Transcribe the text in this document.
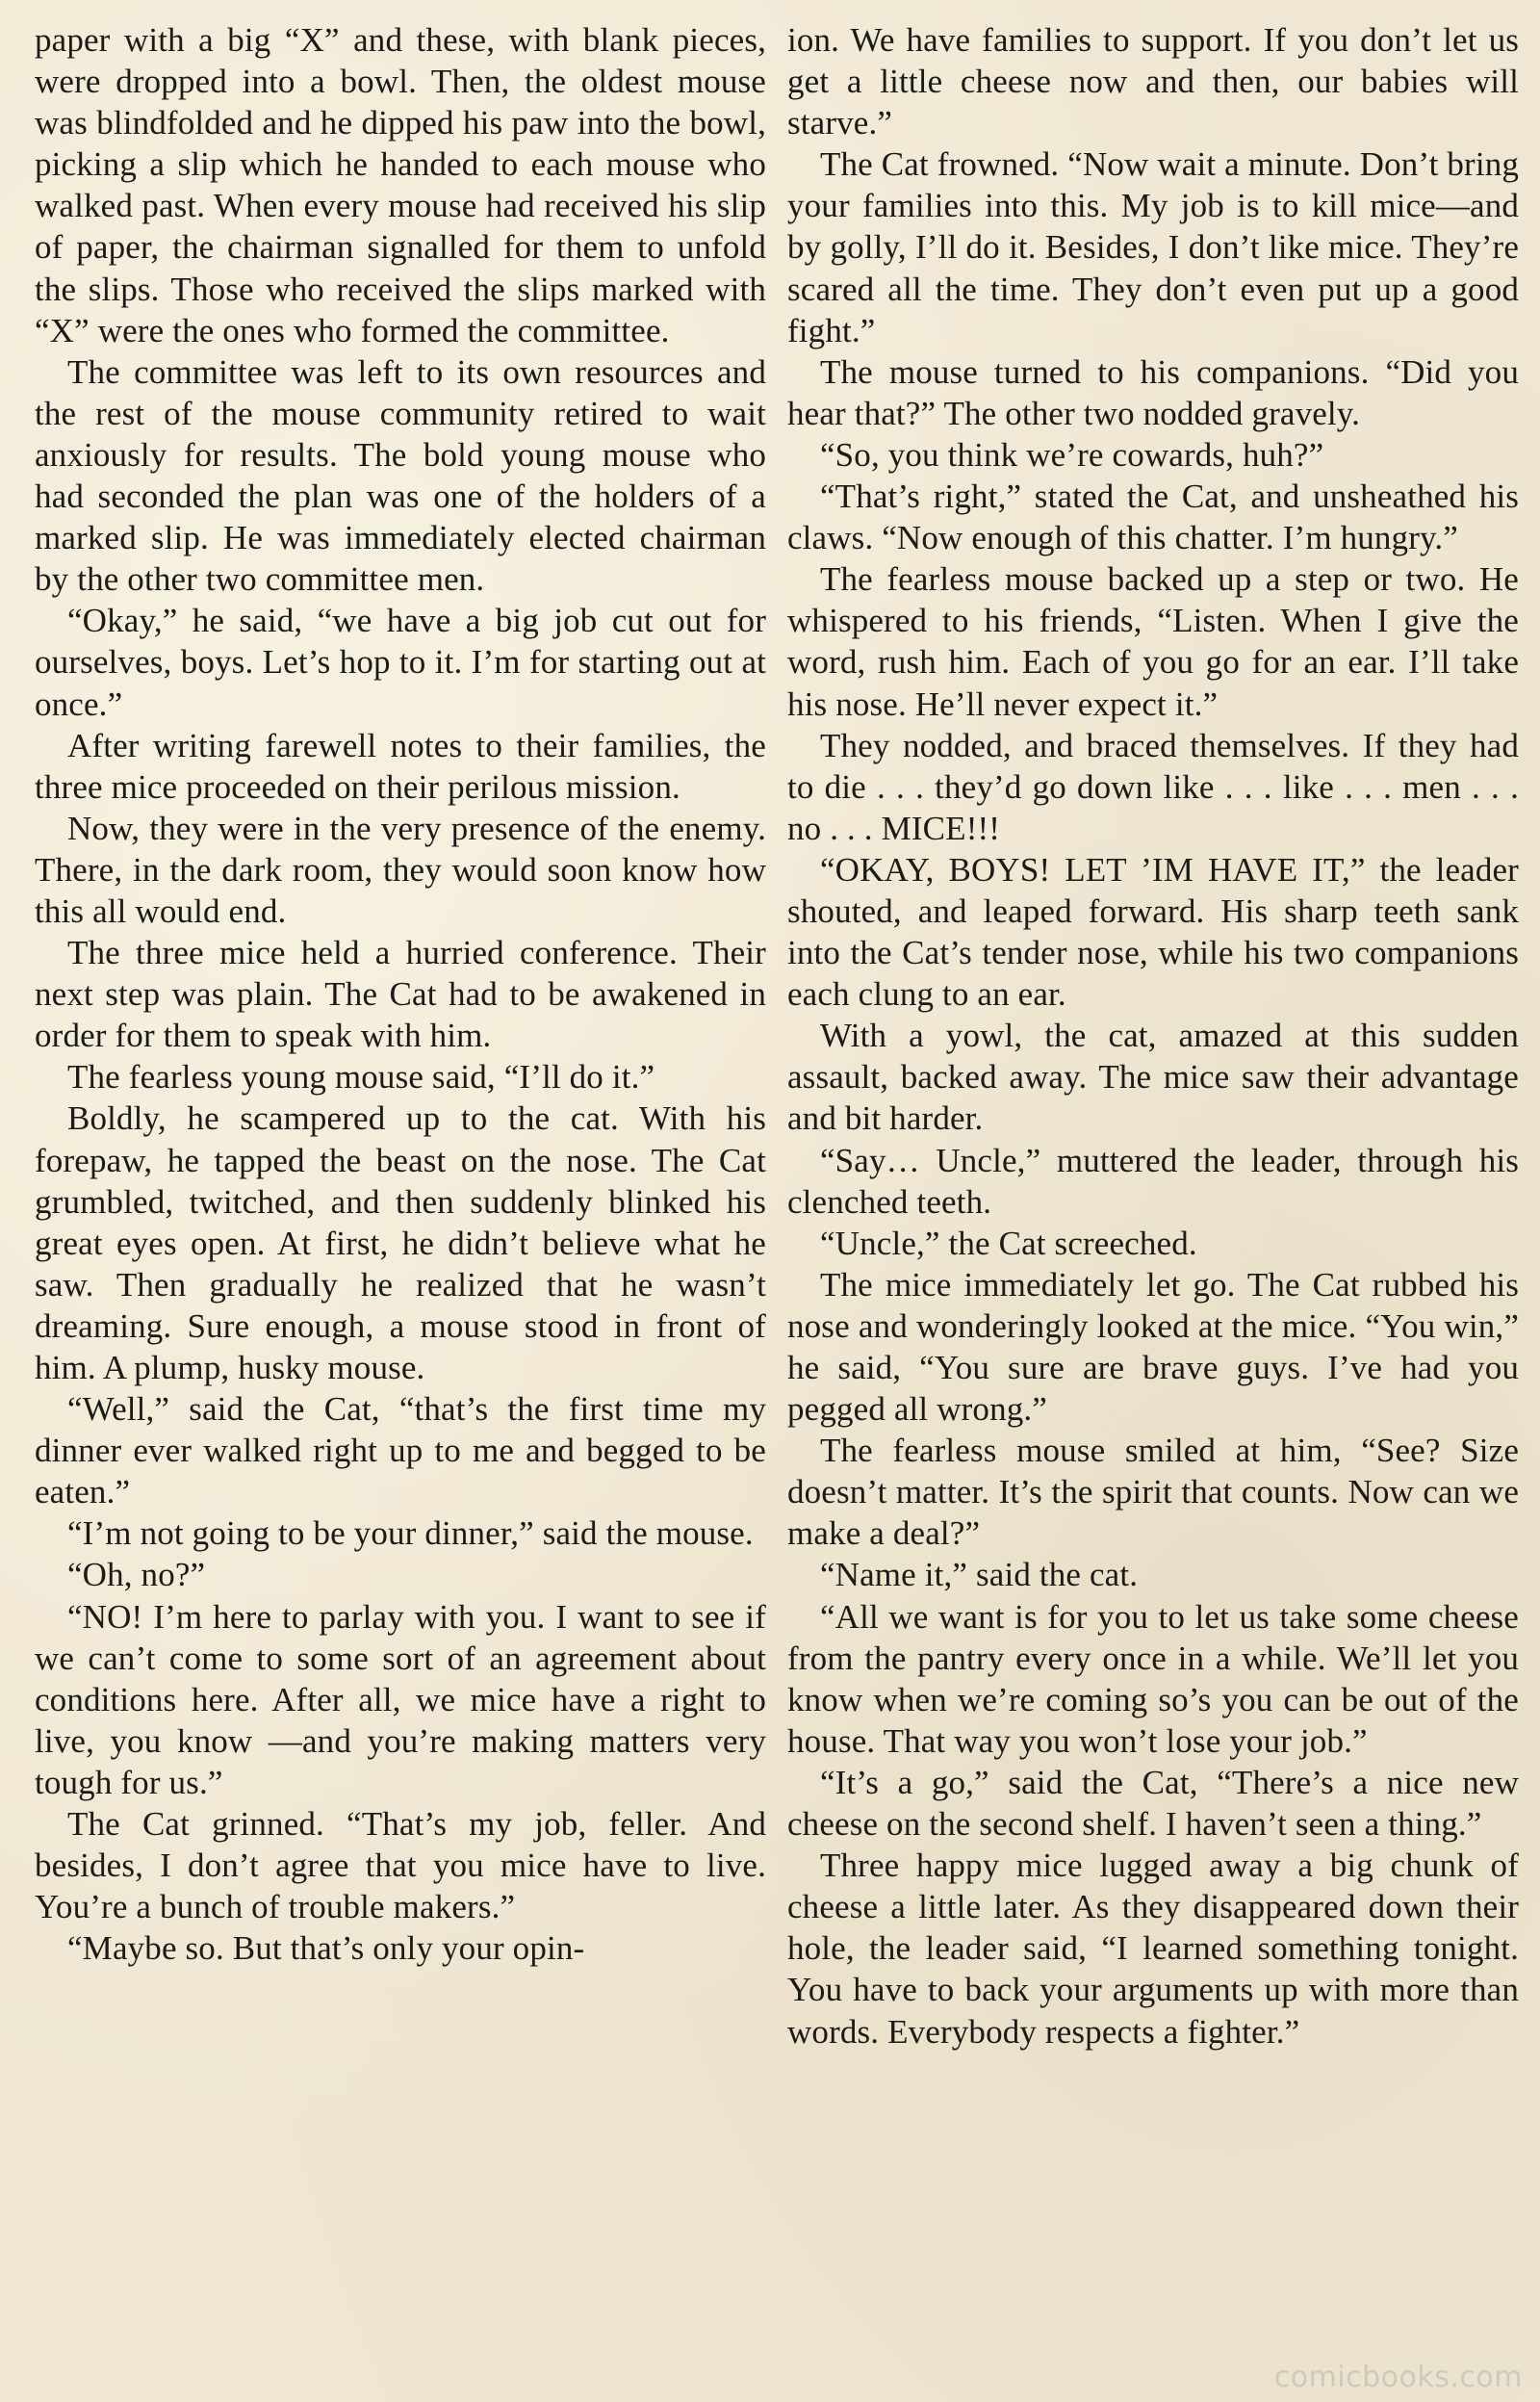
paper with a big “X” and these, with blank pieces, were dropped into a bowl. Then, the oldest mouse was blindfolded and he dipped his paw into the bowl, picking a slip which he handed to each mouse who walked past. When every mouse had received his slip of paper, the chairman signalled for them to unfold the slips. Those who received the slips marked with “X” were the ones who formed the committee.

The committee was left to its own resources and the rest of the mouse community retired to wait anxiously for results. The bold young mouse who had seconded the plan was one of the holders of a marked slip. He was immediately elected chairman by the other two committee men.

“Okay,” he said, “we have a big job cut out for ourselves, boys. Let’s hop to it. I’m for starting out at once.”

After writing farewell notes to their families, the three mice proceeded on their perilous mission.

Now, they were in the very presence of the enemy. There, in the dark room, they would soon know how this all would end.

The three mice held a hurried conference. Their next step was plain. The Cat had to be awakened in order for them to speak with him.

The fearless young mouse said, “I’ll do it.”

Boldly, he scampered up to the cat. With his forepaw, he tapped the beast on the nose. The Cat grumbled, twitched, and then suddenly blinked his great eyes open. At first, he didn’t believe what he saw. Then gradually he realized that he wasn’t dreaming. Sure enough, a mouse stood in front of him. A plump, husky mouse.

“Well,” said the Cat, “that’s the first time my dinner ever walked right up to me and begged to be eaten.”

“I’m not going to be your dinner,” said the mouse.

“Oh, no?”

“NO! I’m here to parlay with you. I want to see if we can’t come to some sort of an agreement about conditions here. After all, we mice have a right to live, you know —and you’re making matters very tough for us.”

The Cat grinned. “That’s my job, feller. And besides, I don’t agree that you mice have to live. You’re a bunch of trouble makers.”

“Maybe so. But that’s only your opin-

ion. We have families to support. If you don’t let us get a little cheese now and then, our babies will starve.”

The Cat frowned. “Now wait a minute. Don’t bring your families into this. My job is to kill mice—and by golly, I’ll do it. Besides, I don’t like mice. They’re scared all the time. They don’t even put up a good fight.”

The mouse turned to his companions. “Did you hear that?” The other two nodded gravely.

“So, you think we’re cowards, huh?”

“That’s right,” stated the Cat, and unsheathed his claws. “Now enough of this chatter. I’m hungry.”

The fearless mouse backed up a step or two. He whispered to his friends, “Listen. When I give the word, rush him. Each of you go for an ear. I’ll take his nose. He’ll never expect it.”

They nodded, and braced themselves. If they had to die . . . they’d go down like . . . like . . . men . . . no . . . MICE!!!

“OKAY, BOYS! LET ’IM HAVE IT,” the leader shouted, and leaped forward. His sharp teeth sank into the Cat’s tender nose, while his two companions each clung to an ear.

With a yowl, the cat, amazed at this sudden assault, backed away. The mice saw their advantage and bit harder.

“Say… Uncle,” muttered the leader, through his clenched teeth.

“Uncle,” the Cat screeched.

The mice immediately let go. The Cat rubbed his nose and wonderingly looked at the mice. “You win,” he said, “You sure are brave guys. I’ve had you pegged all wrong.”

The fearless mouse smiled at him, “See? Size doesn’t matter. It’s the spirit that counts. Now can we make a deal?”

“Name it,” said the cat.

“All we want is for you to let us take some cheese from the pantry every once in a while. We’ll let you know when we’re coming so’s you can be out of the house. That way you won’t lose your job.”

“It’s a go,” said the Cat, “There’s a nice new cheese on the second shelf. I haven’t seen a thing.”

Three happy mice lugged away a big chunk of cheese a little later. As they disappeared down their hole, the leader said, “I learned something tonight. You have to back your arguments up with more than words. Everybody respects a fighter.”

comicbooks.com
